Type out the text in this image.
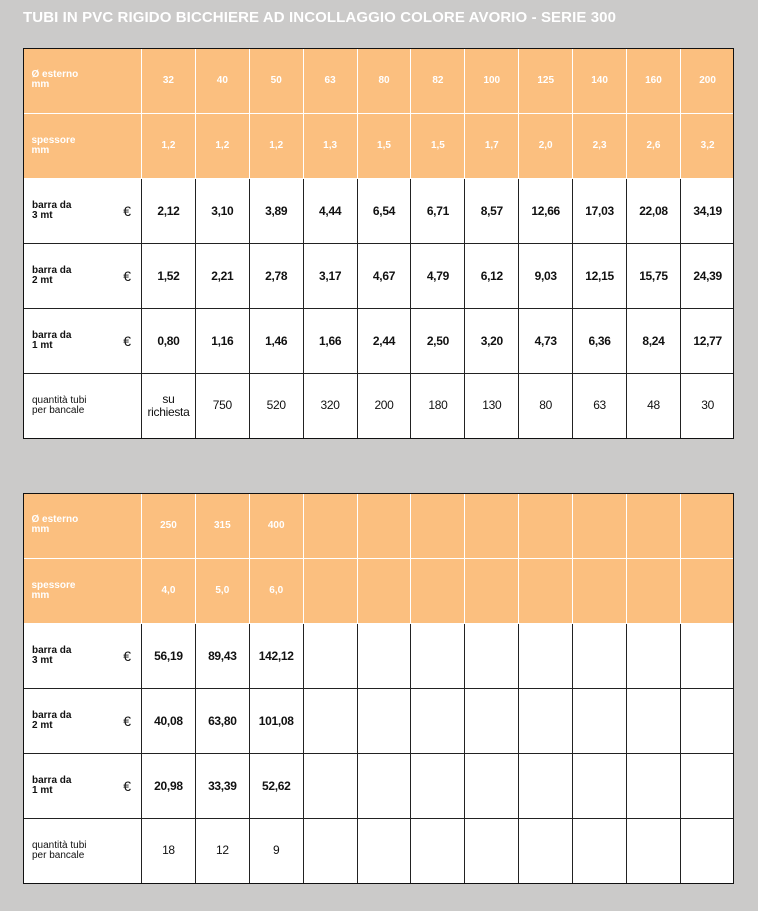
TUBI IN PVC RIGIDO BICCHIERE AD INCOLLAGGIO COLORE AVORIO - SERIE 300
Ø esterno
mm	32	40	50	63	80	82	100	125	140	160	200

spessore
mm	1,2	1,2	1,2	1,3	1,5	1,5	1,7	2,0	2,3	2,6	3,2

barra da
3 mt €	2,12	3,10	3,89	4,44	6,54	6,71	8,57	12,66	17,03	22,08	34,19

barra da
2 mt €	1,52	2,21	2,78	3,17	4,67	4,79	6,12	9,03	12,15	15,75	24,39

barra da
1 mt €	0,80	1,16	1,46	1,66	2,44	2,50	3,20	4,73	6,36	8,24	12,77

quantità tubi
per bancale	su richiesta	750	520	320	200	180	130	80	63	48	30
Ø esterno
mm	250	315	400								

spessore
mm	4,0	5,0	6,0								

barra da
3 mt €	56,19	89,43	142,12								

barra da
2 mt €	40,08	63,80	101,08								

barra da
1 mt €	20,98	33,39	52,62								

quantità tubi
per bancale	18	12	9								
